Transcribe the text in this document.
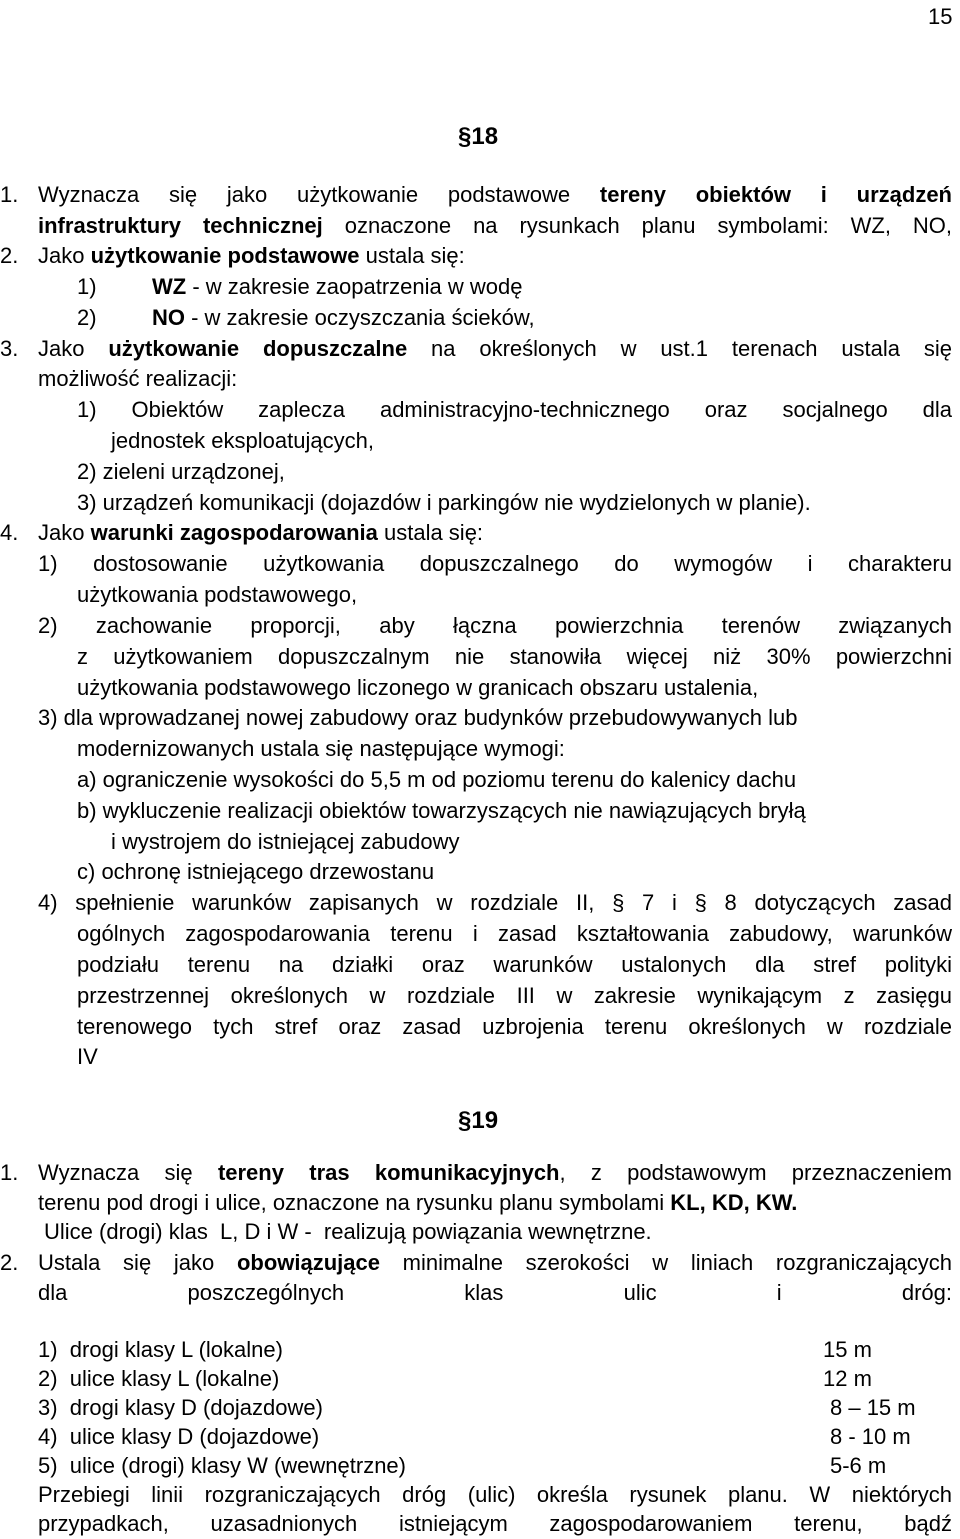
15
§18
1. Wyznacza się jako użytkowanie podstawowe tereny obiektów i urządzeń
infrastruktury technicznej oznaczone na rysunkach planu symbolami: WZ, NO,
2. Jako użytkowanie podstawowe ustala się:
1)	WZ - w zakresie zaopatrzenia w wodę
2)	NO - w zakresie oczyszczania ścieków,
3. Jako użytkowanie dopuszczalne na określonych w ust.1 terenach ustala się
możliwość realizacji:
1) Obiektów zaplecza administracyjno-technicznego oraz socjalnego dla
jednostek eksploatujących,
2) zieleni urządzonej,
3) urządzeń komunikacji (dojazdów i parkingów nie wydzielonych w planie).
4. Jako warunki zagospodarowania ustala się:
1) dostosowanie użytkowania dopuszczalnego do wymogów i charakteru
użytkowania podstawowego,
2) zachowanie proporcji, aby łączna powierzchnia terenów związanych
z użytkowaniem dopuszczalnym nie stanowiła więcej niż 30% powierzchni
użytkowania podstawowego liczonego w granicach obszaru ustalenia,
3) dla wprowadzanej nowej zabudowy oraz budynków przebudowywanych lub
modernizowanych ustala się następujące wymogi:
a) ograniczenie wysokości do 5,5 m od poziomu terenu do kalenicy dachu
b) wykluczenie realizacji obiektów towarzyszących nie nawiązujących bryłą
i wystrojem do istniejącej zabudowy
c) ochronę istniejącego drzewostanu
4) spełnienie warunków zapisanych w rozdziale II, § 7 i § 8 dotyczących zasad
ogólnych zagospodarowania terenu i zasad kształtowania zabudowy, warunków
podziału terenu na działki oraz warunków ustalonych dla stref polityki
przestrzennej określonych w rozdziale III w zakresie wynikającym z zasięgu
terenowego tych stref oraz zasad uzbrojenia terenu określonych w rozdziale
IV
§19
1. Wyznacza się tereny tras komunikacyjnych, z podstawowym przeznaczeniem
terenu pod drogi i ulice, oznaczone na rysunku planu symbolami KL, KD, KW.
Ulice (drogi) klas  L, D i W -  realizują powiązania wewnętrzne.
2. Ustala się jako obowiązujące minimalne szerokości w liniach rozgraniczających
dla poszczególnych klas ulic i dróg:
1)  drogi klasy L (lokalne)	15 m
2)  ulice klasy L (lokalne)	12 m
3)  drogi klasy D (dojazdowe)	8 – 15 m
4)  ulice klasy D (dojazdowe)	8 - 10 m
5)  ulice (drogi) klasy W (wewnętrzne)	5-6 m
Przebiegi linii rozgraniczających dróg (ulic) określa rysunek planu. W niektórych
przypadkach, uzasadnionych istniejącym zagospodarowaniem terenu, bądź
